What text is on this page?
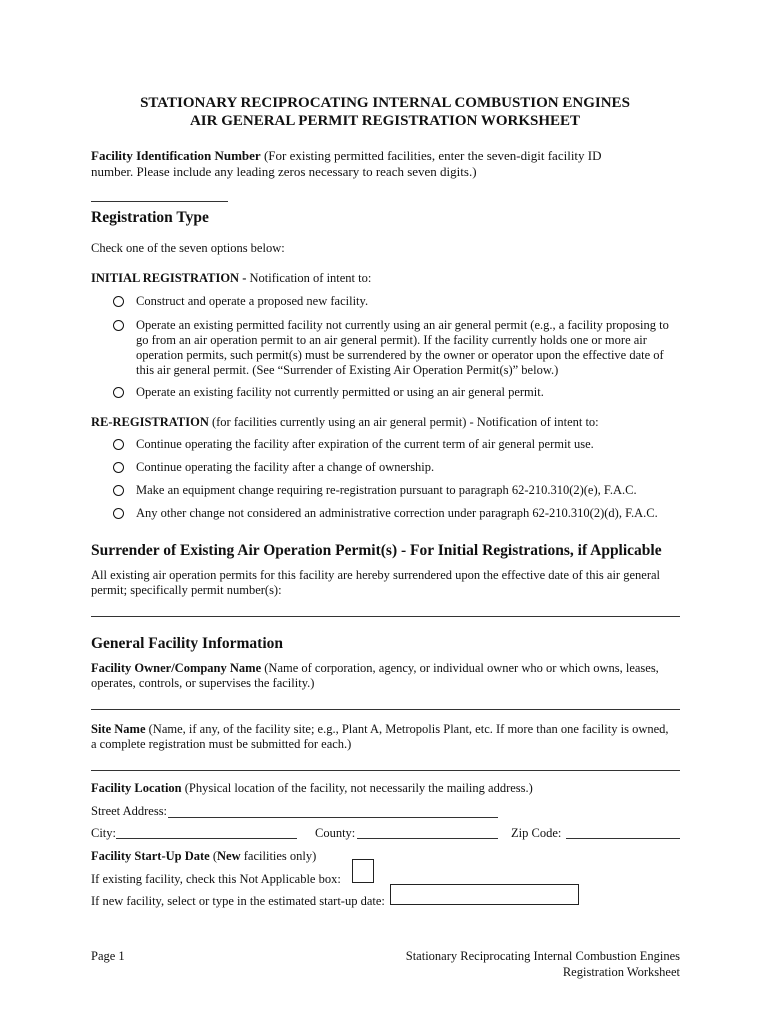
STATIONARY RECIPROCATING INTERNAL COMBUSTION ENGINES
AIR GENERAL PERMIT REGISTRATION WORKSHEET
Facility Identification Number (For existing permitted facilities, enter the seven-digit facility ID
number. Please include any leading zeros necessary to reach seven digits.)
Registration Type
Check one of the seven options below:
INITIAL REGISTRATION - Notification of intent to:
Construct and operate a proposed new facility.
Operate an existing permitted facility not currently using an air general permit (e.g., a facility proposing to
go from an air operation permit to an air general permit). If the facility currently holds one or more air
operation permits, such permit(s) must be surrendered by the owner or operator upon the effective date of
this air general permit. (See “Surrender of Existing Air Operation Permit(s)” below.)
Operate an existing facility not currently permitted or using an air general permit.
RE-REGISTRATION (for facilities currently using an air general permit) - Notification of intent to:
Continue operating the facility after expiration of the current term of air general permit use.
Continue operating the facility after a change of ownership.
Make an equipment change requiring re-registration pursuant to paragraph 62-210.310(2)(e), F.A.C.
Any other change not considered an administrative correction under paragraph 62-210.310(2)(d), F.A.C.
Surrender of Existing Air Operation Permit(s) - For Initial Registrations, if Applicable
All existing air operation permits for this facility are hereby surrendered upon the effective date of this air general
permit; specifically permit number(s):
General Facility Information
Facility Owner/Company Name (Name of corporation, agency, or individual owner who or which owns, leases,
operates, controls, or supervises the facility.)
Site Name (Name, if any, of the facility site; e.g., Plant A, Metropolis Plant, etc. If more than one facility is owned,
a complete registration must be submitted for each.)
Facility Location (Physical location of the facility, not necessarily the mailing address.)
Street Address:
City:	County:	Zip Code:
Facility Start-Up Date (New facilities only)
If existing facility, check this Not Applicable box:
If new facility, select or type in the estimated start-up date:
Page 1	Stationary Reciprocating Internal Combustion Engines
Registration Worksheet
